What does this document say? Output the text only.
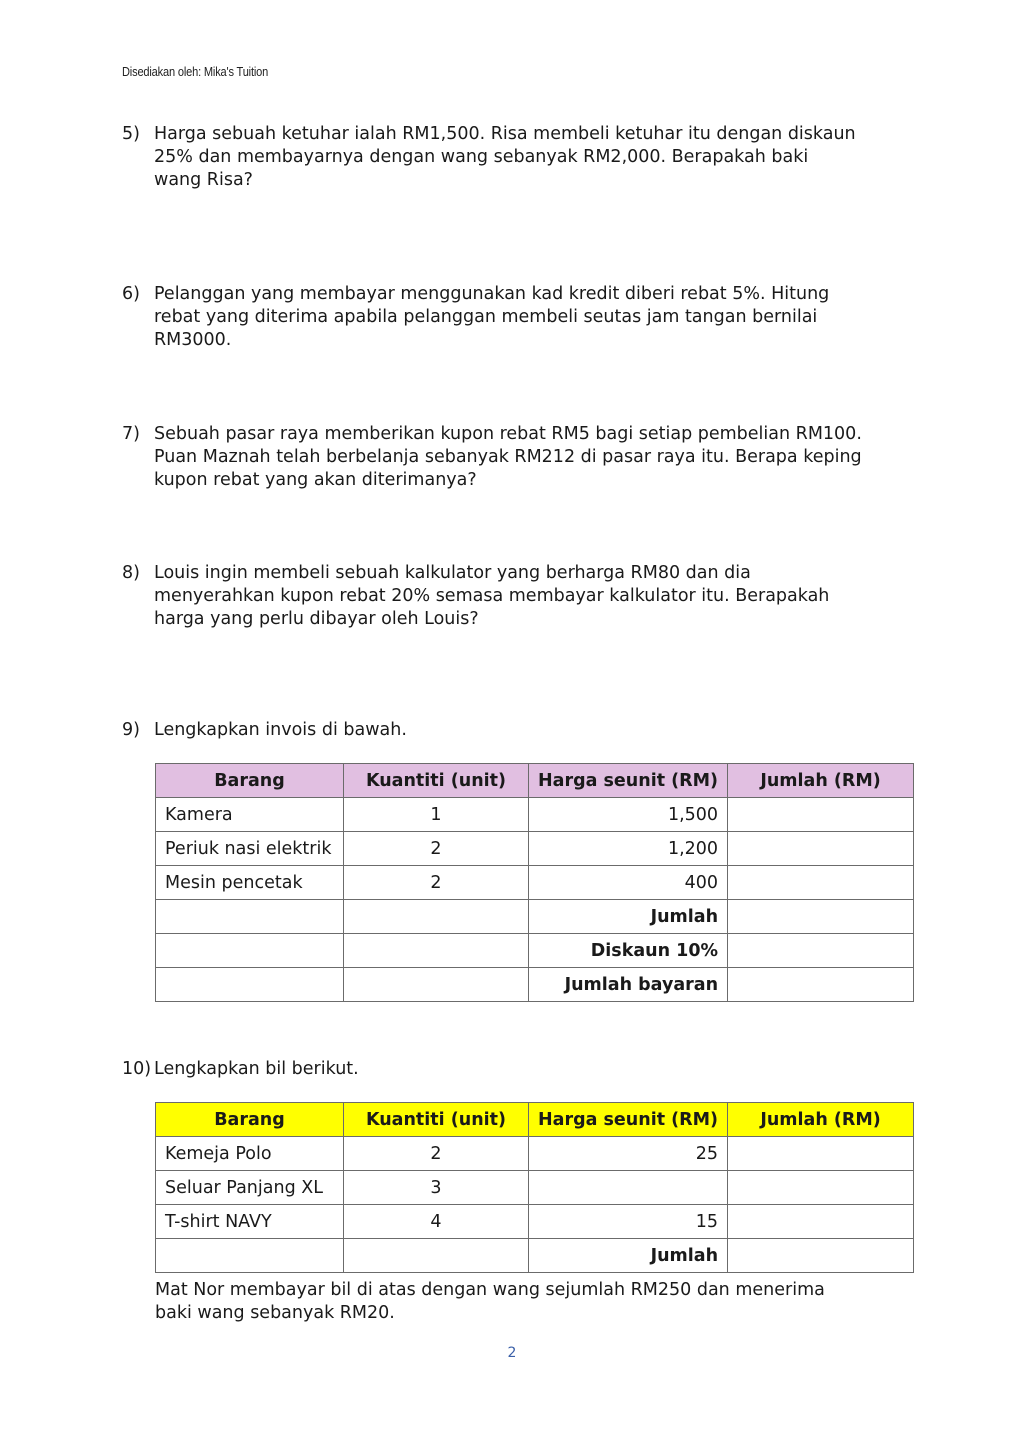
Disediakan oleh: Mika's Tuition
5) Harga sebuah ketuhar ialah RM1,500. Risa membeli ketuhar itu dengan diskaun
25% dan membayarnya dengan wang sebanyak RM2,000. Berapakah baki
wang Risa?
6) Pelanggan yang membayar menggunakan kad kredit diberi rebat 5%. Hitung
rebat yang diterima apabila pelanggan membeli seutas jam tangan bernilai
RM3000.
7) Sebuah pasar raya memberikan kupon rebat RM5 bagi setiap pembelian RM100.
Puan Maznah telah berbelanja sebanyak RM212 di pasar raya itu. Berapa keping
kupon rebat yang akan diterimanya?
8) Louis ingin membeli sebuah kalkulator yang berharga RM80 dan dia
menyerahkan kupon rebat 20% semasa membayar kalkulator itu. Berapakah
harga yang perlu dibayar oleh Louis?
9) Lengkapkan invois di bawah.
Barang	Kuantiti (unit)	Harga seunit (RM)	Jumlah (RM)
Kamera	1	1,500	
Periuk nasi elektrik	2	1,200	
Mesin pencetak	2	400	
		Jumlah	
		Diskaun 10%	
		Jumlah bayaran	
10) Lengkapkan bil berikut.
Barang	Kuantiti (unit)	Harga seunit (RM)	Jumlah (RM)
Kemeja Polo	2	25	
Seluar Panjang XL	3		
T-shirt NAVY	4	15	
		Jumlah	
Mat Nor membayar bil di atas dengan wang sejumlah RM250 dan menerima
baki wang sebanyak RM20.
2
